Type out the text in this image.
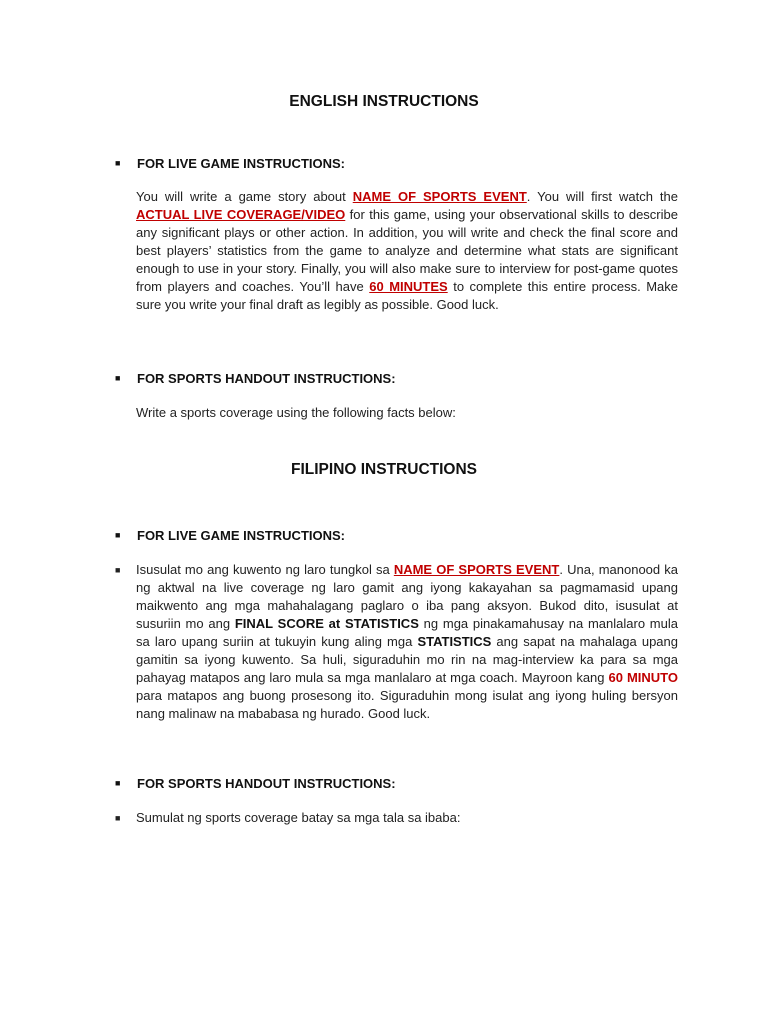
ENGLISH INSTRUCTIONS

■ FOR LIVE GAME INSTRUCTIONS:

You will write a game story about NAME OF SPORTS EVENT. You will first watch the ACTUAL LIVE COVERAGE/VIDEO for this game, using your observational skills to describe any significant plays or other action. In addition, you will write and check the final score and best players’ statistics from the game to analyze and determine what stats are significant enough to use in your story. Finally, you will also make sure to interview for post-game quotes from players and coaches. You’ll have 60 MINUTES to complete this entire process. Make sure you write your final draft as legibly as possible. Good luck.

■ FOR SPORTS HANDOUT INSTRUCTIONS:

Write a sports coverage using the following facts below:

FILIPINO INSTRUCTIONS

■ FOR LIVE GAME INSTRUCTIONS:

■ Isusulat mo ang kuwento ng laro tungkol sa NAME OF SPORTS EVENT. Una, manonood ka ng aktwal na live coverage ng laro gamit ang iyong kakayahan sa pagmamasid upang maikwento ang mga mahahalagang paglaro o iba pang aksyon. Bukod dito, isusulat at susuriin mo ang FINAL SCORE at STATISTICS ng mga pinakamahusay na manlalaro mula sa laro upang suriin at tukuyin kung aling mga STATISTICS ang sapat na mahalaga upang gamitin sa iyong kuwento. Sa huli, siguraduhin mo rin na mag-interview ka para sa mga pahayag matapos ang laro mula sa mga manlalaro at mga coach. Mayroon kang 60 MINUTO para matapos ang buong prosesong ito. Siguraduhin mong isulat ang iyong huling bersyon nang malinaw na mababasa ng hurado. Good luck.

■ FOR SPORTS HANDOUT INSTRUCTIONS:

■ Sumulat ng sports coverage batay sa mga tala sa ibaba:
